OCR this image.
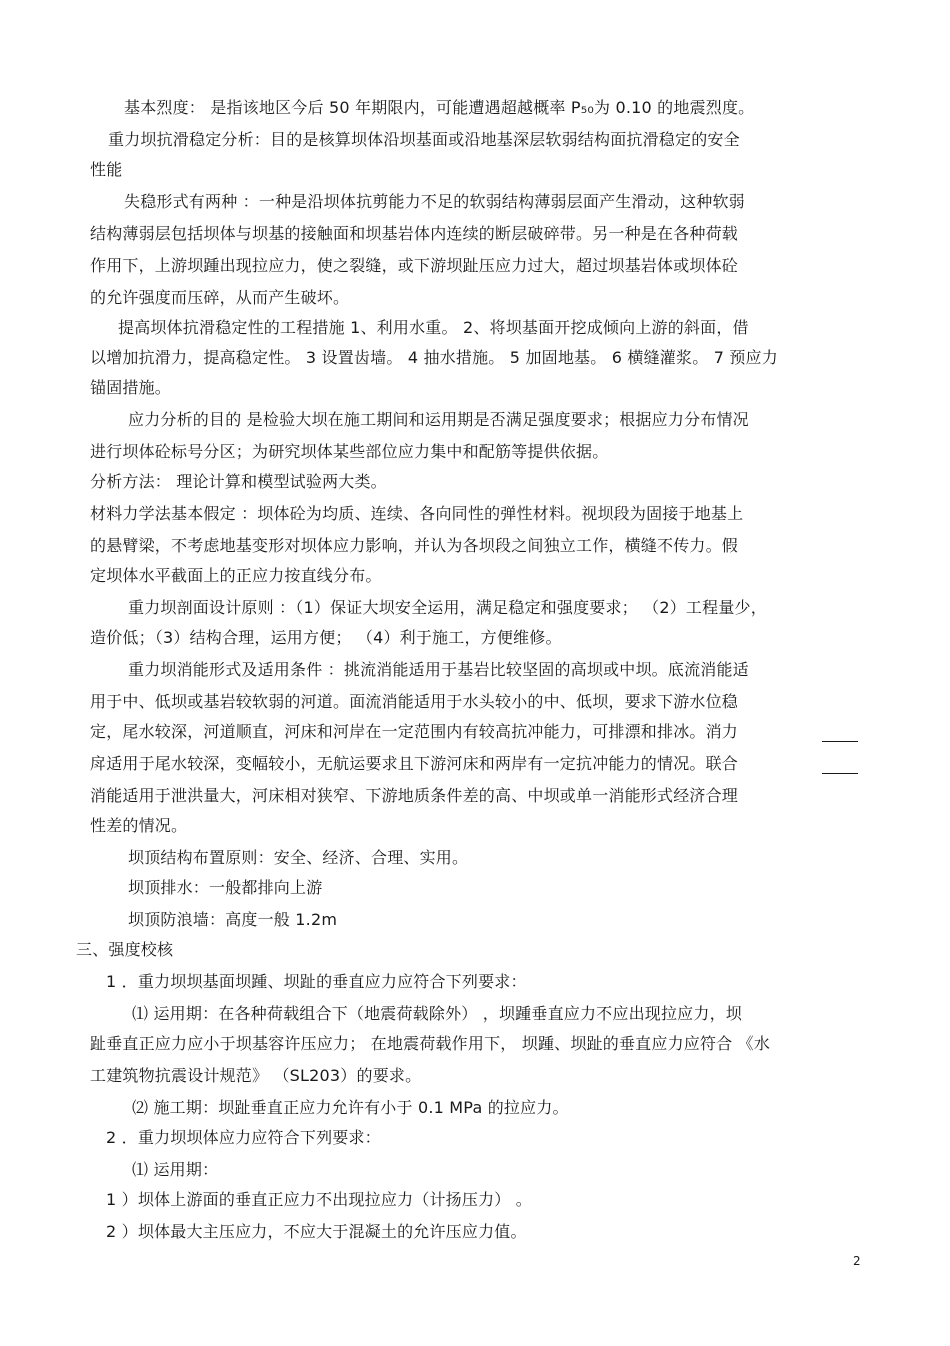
基本烈度： 是指该地区今后 50 年期限内，可能遭遇超越概率 P₅₀为 0.10 的地震烈度。
重力坝抗滑稳定分析：目的是核算坝体沿坝基面或沿地基深层软弱结构面抗滑稳定的安全
性能
失稳形式有两种 ：一种是沿坝体抗剪能力不足的软弱结构薄弱层面产生滑动，这种软弱
结构薄弱层包括坝体与坝基的接触面和坝基岩体内连续的断层破碎带。另一种是在各种荷载
作用下，上游坝踵出现拉应力，使之裂缝，或下游坝趾压应力过大，超过坝基岩体或坝体砼
的允许强度而压碎，从而产生破坏。
提高坝体抗滑稳定性的工程措施 1、利用水重。 2、将坝基面开挖成倾向上游的斜面，借
以增加抗滑力，提高稳定性。 3 设置齿墙。 4 抽水措施。 5 加固地基。 6 横缝灌浆。 7 预应力
锚固措施。
应力分析的目的 是检验大坝在施工期间和运用期是否满足强度要求；根据应力分布情况
进行坝体砼标号分区；为研究坝体某些部位应力集中和配筋等提供依据。
分析方法： 理论计算和模型试验两大类。
材料力学法基本假定 ：坝体砼为均质、连续、各向同性的弹性材料。视坝段为固接于地基上
的悬臂梁，不考虑地基变形对坝体应力影响，并认为各坝段之间独立工作，横缝不传力。假
定坝体水平截面上的正应力按直线分布。
重力坝剖面设计原则 ：（1）保证大坝安全运用，满足稳定和强度要求； （2）工程量少，
造价低；（3）结构合理，运用方便； （4）利于施工，方便维修。
重力坝消能形式及适用条件 ：挑流消能适用于基岩比较坚固的高坝或中坝。底流消能适
用于中、低坝或基岩较软弱的河道。面流消能适用于水头较小的中、低坝，要求下游水位稳
定，尾水较深，河道顺直，河床和河岸在一定范围内有较高抗冲能力，可排漂和排冰。消力
戽适用于尾水较深，变幅较小，无航运要求且下游河床和两岸有一定抗冲能力的情况。联合
消能适用于泄洪量大，河床相对狭窄、下游地质条件差的高、中坝或单一消能形式经济合理
性差的情况。
坝顶结构布置原则：安全、经济、合理、实用。
坝顶排水：一般都排向上游
坝顶防浪墙：高度一般 1.2m
三、强度校核
1 ．重力坝坝基面坝踵、坝趾的垂直应力应符合下列要求：
⑴ 运用期：在各种荷载组合下（地震荷载除外） ，坝踵垂直应力不应出现拉应力，坝
趾垂直正应力应小于坝基容许压应力； 在地震荷载作用下， 坝踵、坝趾的垂直应力应符合 《水
工建筑物抗震设计规范》 （SL203）的要求。
⑵ 施工期：坝趾垂直正应力允许有小于 0.1 MPa 的拉应力。
2 ．重力坝坝体应力应符合下列要求：
⑴ 运用期：
1 ）坝体上游面的垂直正应力不出现拉应力（计扬压力） 。
2 ）坝体最大主压应力，不应大于混凝土的允许压应力值。
2
